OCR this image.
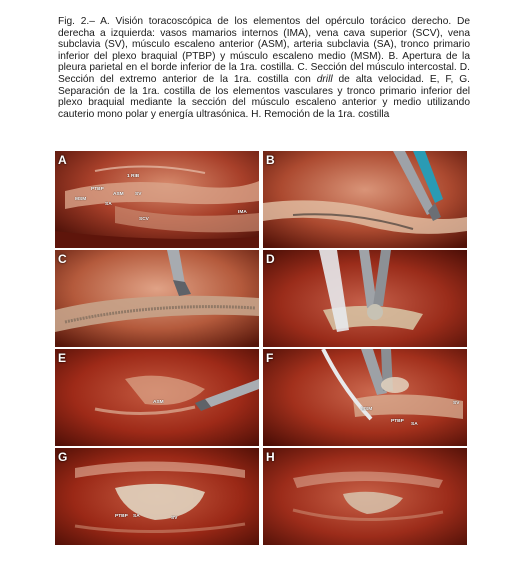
Fig. 2.– A. Visión toracoscópica de los elementos del opérculo torácico derecho. De derecha a izquierda: vasos mamarios internos (IMA), vena cava superior (SCV), vena subclavia (SV), músculo escaleno anterior (ASM), arteria subclavia (SA), tronco primario inferior del plexo braquial (PTBP) y músculo escaleno medio (MSM). B. Apertura de la pleura parietal en el borde inferior de la 1ra. costilla. C. Sección del músculo intercostal. D. Sección del extremo anterior de la 1ra. costilla con drill de alta velocidad. E, F, G. Separación de la 1ra. costilla de los elementos vasculares y tronco primario inferior del plexo braquial mediante la sección del músculo escaleno anterior y medio utilizando cauterio mono polar y energía ultrasónica. H. Remoción de la 1ra. costilla

A
1 RIB
PTBP
ASM SV
MSM
SA
SCV
IMA
B
C	D
E
ASM
F
MSM
PTBP
SA
SV
G
PTBP SA	SV
H
